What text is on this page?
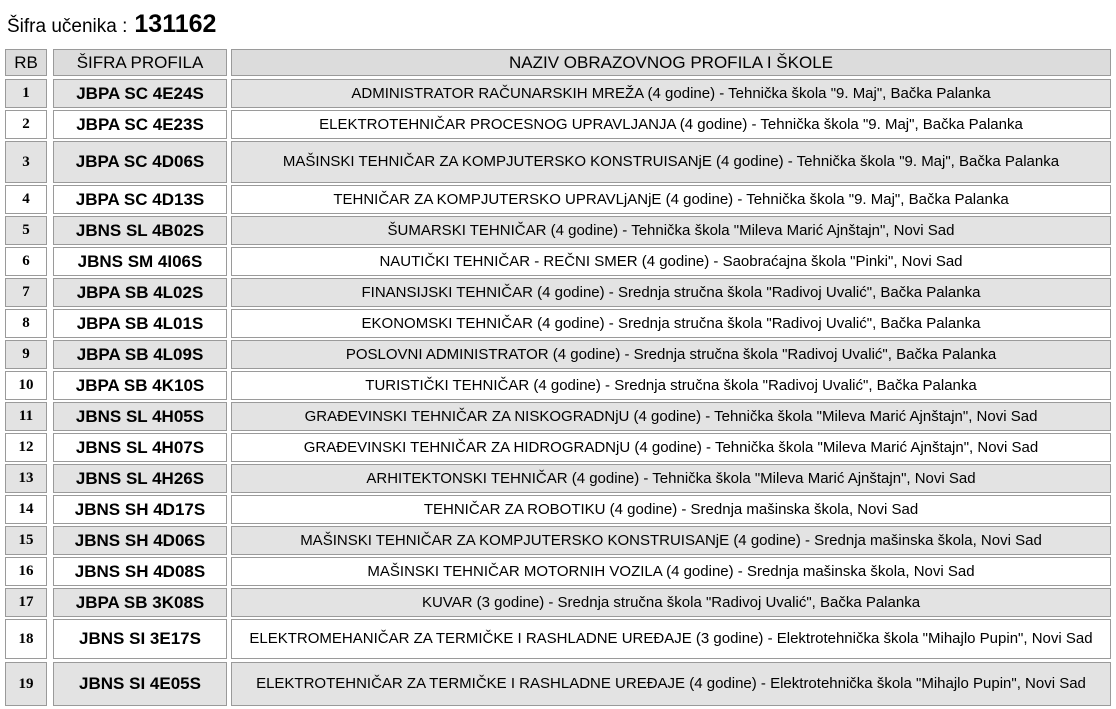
Šifra učenika : 131162
RB	ŠIFRA PROFILA	NAZIV OBRAZOVNOG PROFILA I ŠKOLE
1	JBPA SC 4E24S	ADMINISTRATOR RAČUNARSKIH MREŽA (4 godine) - Tehnička škola "9. Maj", Bačka Palanka
2	JBPA SC 4E23S	ELEKTROTEHNIČAR PROCESNOG UPRAVLJANJA (4 godine) - Tehnička škola "9. Maj", Bačka Palanka
3	JBPA SC 4D06S	MAŠINSKI TEHNIČAR ZA KOMPJUTERSKO KONSTRUISANjE (4 godine) - Tehnička škola "9. Maj", Bačka Palanka
4	JBPA SC 4D13S	TEHNIČAR ZA KOMPJUTERSKO UPRAVLjANjE (4 godine) - Tehnička škola "9. Maj", Bačka Palanka
5	JBNS SL 4B02S	ŠUMARSKI TEHNIČAR (4 godine) - Tehnička škola "Mileva Marić Ajnštajn", Novi Sad
6	JBNS SM 4I06S	NAUTIČKI TEHNIČAR - REČNI SMER (4 godine) - Saobraćajna škola "Pinki", Novi Sad
7	JBPA SB 4L02S	FINANSIJSKI TEHNIČAR (4 godine) - Srednja stručna škola "Radivoj Uvalić", Bačka Palanka
8	JBPA SB 4L01S	EKONOMSKI TEHNIČAR (4 godine) - Srednja stručna škola "Radivoj Uvalić", Bačka Palanka
9	JBPA SB 4L09S	POSLOVNI ADMINISTRATOR (4 godine) - Srednja stručna škola "Radivoj Uvalić", Bačka Palanka
10	JBPA SB 4K10S	TURISTIČKI TEHNIČAR (4 godine) - Srednja stručna škola "Radivoj Uvalić", Bačka Palanka
11	JBNS SL 4H05S	GRAĐEVINSKI TEHNIČAR ZA NISKOGRADNjU (4 godine) - Tehnička škola "Mileva Marić Ajnštajn", Novi Sad
12	JBNS SL 4H07S	GRAĐEVINSKI TEHNIČAR ZA HIDROGRADNjU (4 godine) - Tehnička škola "Mileva Marić Ajnštajn", Novi Sad
13	JBNS SL 4H26S	ARHITEKTONSKI TEHNIČAR (4 godine) - Tehnička škola "Mileva Marić Ajnštajn", Novi Sad
14	JBNS SH 4D17S	TEHNIČAR ZA ROBOTIKU (4 godine) - Srednja mašinska škola, Novi Sad
15	JBNS SH 4D06S	MAŠINSKI TEHNIČAR ZA KOMPJUTERSKO KONSTRUISANjE (4 godine) - Srednja mašinska škola, Novi Sad
16	JBNS SH 4D08S	MAŠINSKI TEHNIČAR MOTORNIH VOZILA (4 godine) - Srednja mašinska škola, Novi Sad
17	JBPA SB 3K08S	KUVAR (3 godine) - Srednja stručna škola "Radivoj Uvalić", Bačka Palanka
18	JBNS SI 3E17S	ELEKTROMEHANIČAR ZA TERMIČKE I RASHLADNE UREĐAJE (3 godine) - Elektrotehnička škola "Mihajlo Pupin", Novi Sad
19	JBNS SI 4E05S	ELEKTROTEHNIČAR ZA TERMIČKE I RASHLADNE UREĐAJE (4 godine) - Elektrotehnička škola "Mihajlo Pupin", Novi Sad
